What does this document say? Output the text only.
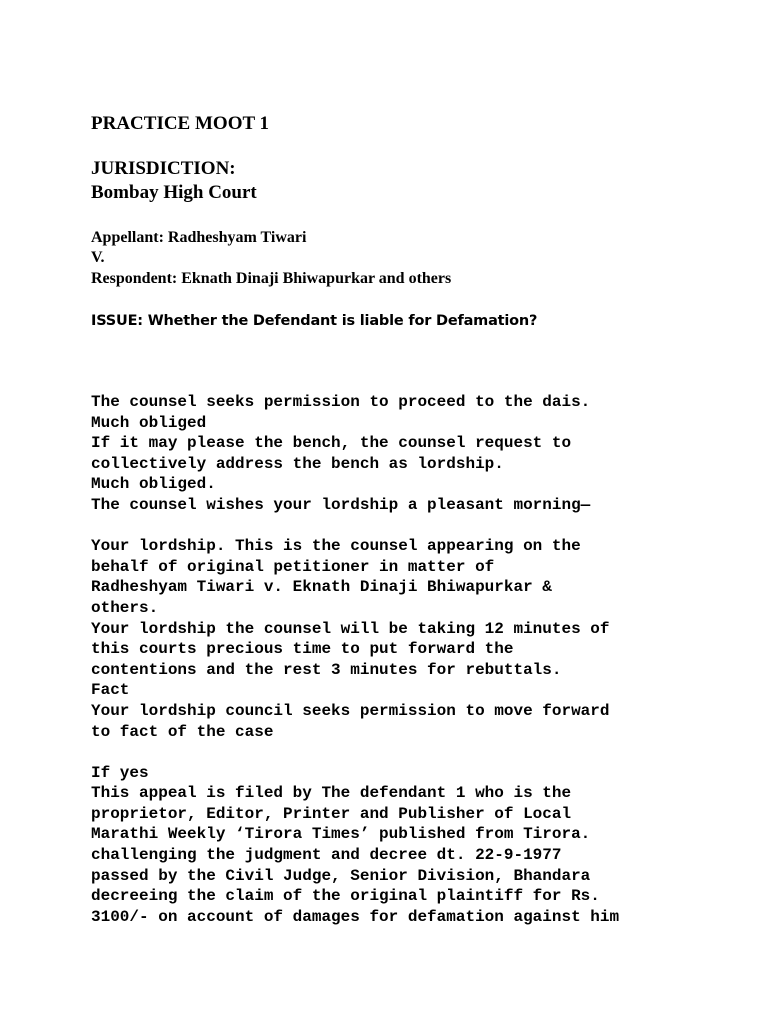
PRACTICE MOOT 1
JURISDICTION:
Bombay High Court
Appellant: Radheshyam Tiwari
V.
Respondent: Eknath Dinaji Bhiwapurkar and others
ISSUE: Whether the Defendant is liable for Defamation?
The counsel seeks permission to proceed to the dais.
Much obliged
If it may please the bench, the counsel request to
collectively address the bench as lordship.
Much obliged.
The counsel wishes your lordship a pleasant morning—
Your lordship. This is the counsel appearing on the
behalf of original petitioner in matter of
Radheshyam Tiwari v. Eknath Dinaji Bhiwapurkar &
others.
Your lordship the counsel will be taking 12 minutes of
this courts precious time to put forward the
contentions and the rest 3 minutes for rebuttals.
Fact
Your lordship council seeks permission to move forward
to fact of the case
If yes
This appeal is filed by The defendant 1 who is the
proprietor, Editor, Printer and Publisher of Local
Marathi Weekly ‘Tirora Times’ published from Tirora.
challenging the judgment and decree dt. 22-9-1977
passed by the Civil Judge, Senior Division, Bhandara
decreeing the claim of the original plaintiff for Rs.
3100/- on account of damages for defamation against him
